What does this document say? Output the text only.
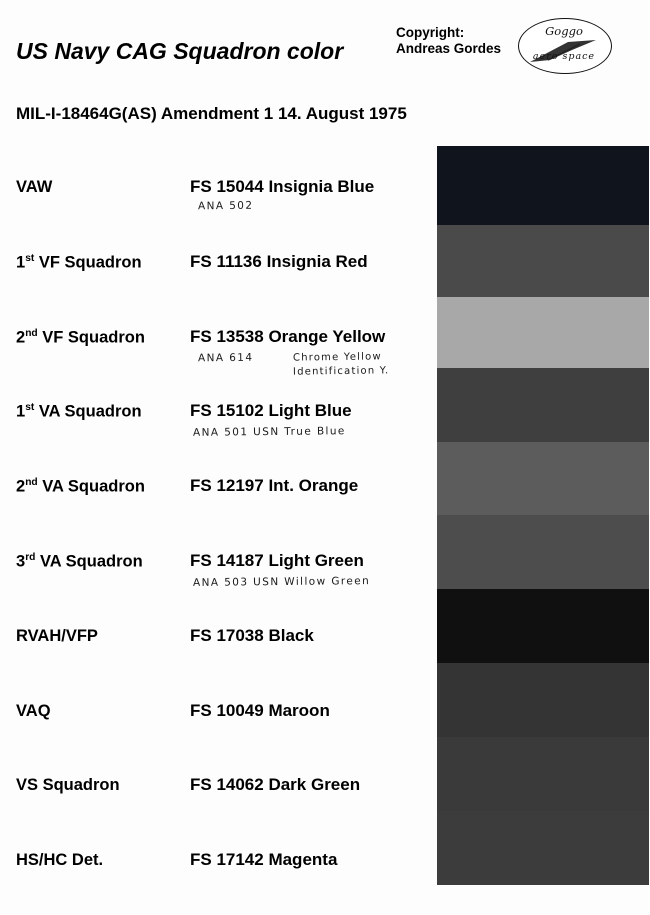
US Navy CAG Squadron color
Copyright:
Andreas Gordes
Goggo
aero space
MIL-I-18464G(AS) Amendment 1 14. August 1975
VAW	FS 15044 Insignia Blue
ANA 502
1st VF Squadron	FS 11136 Insignia Red
2nd VF Squadron	FS 13538 Orange Yellow
ANA 614	Chrome Yellow
Identification Y.
1st VA Squadron	FS 15102 Light Blue
ANA 501 USN True Blue
2nd VA Squadron	FS 12197 Int. Orange
3rd VA Squadron	FS 14187 Light Green
ANA 503 USN Willow Green
RVAH/VFP	FS 17038 Black
VAQ	FS 10049 Maroon
VS Squadron	FS 14062 Dark Green
HS/HC Det.	FS 17142 Magenta
